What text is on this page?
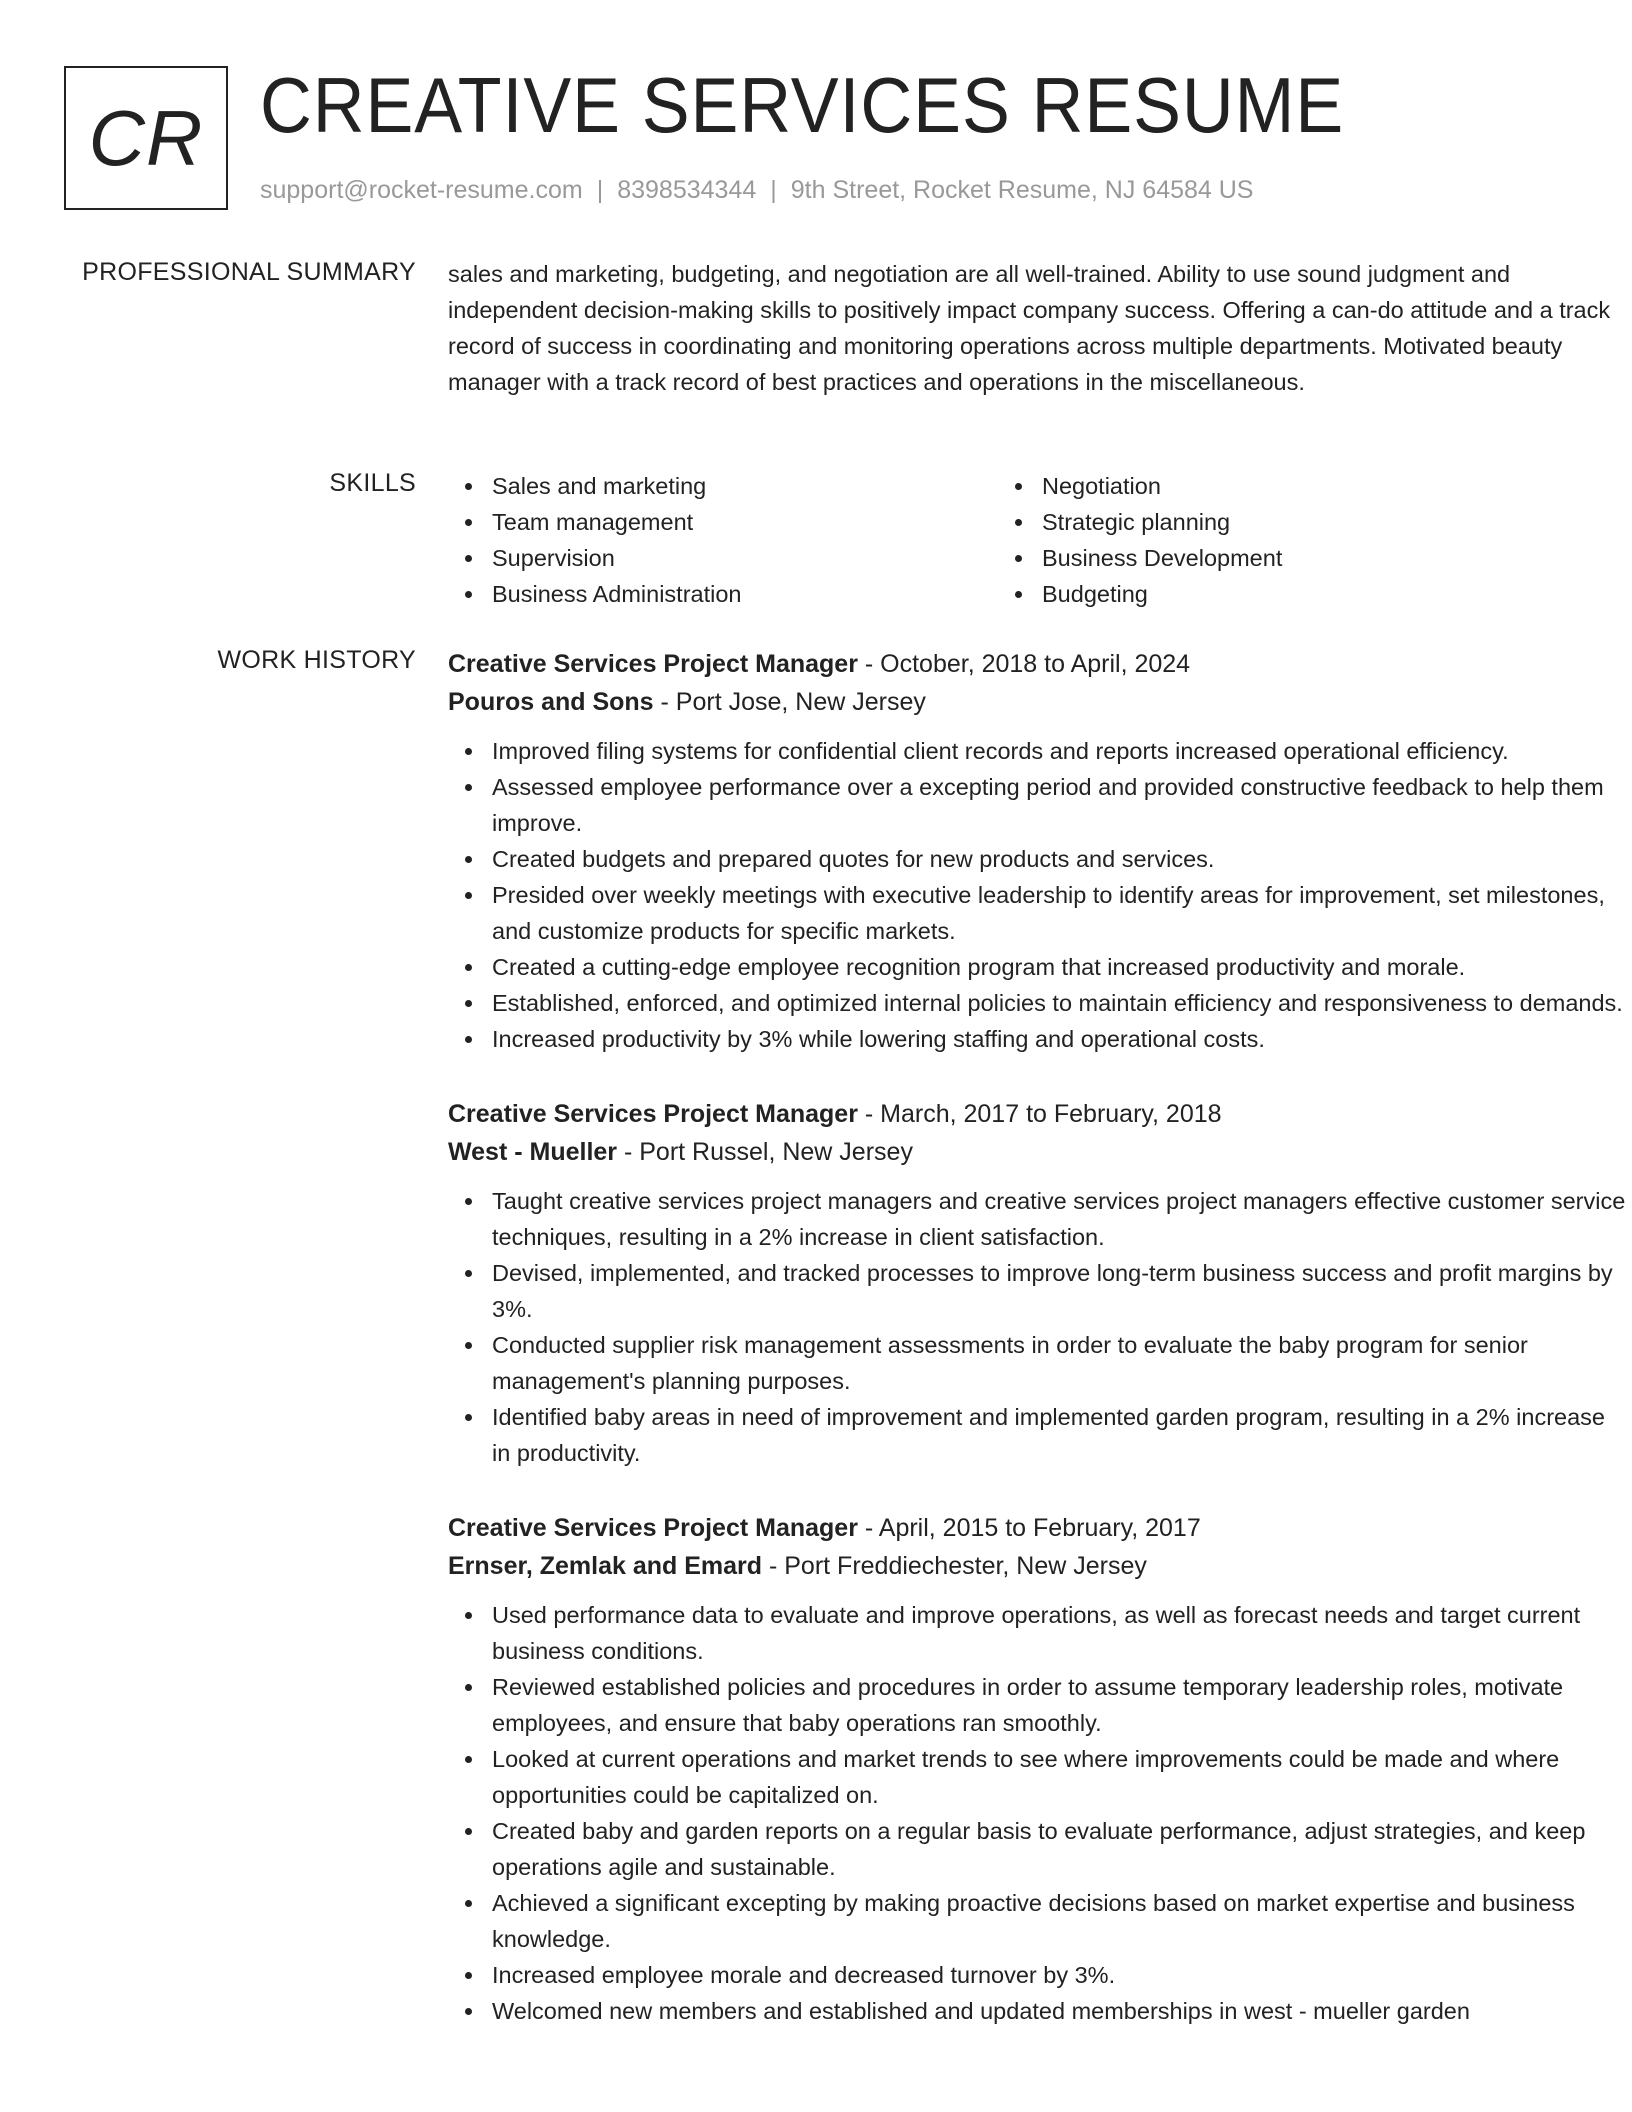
CR CREATIVE SERVICES RESUME
support@rocket-resume.com | 8398534344 | 9th Street, Rocket Resume, NJ 64584 US
PROFESSIONAL SUMMARY sales and marketing, budgeting, and negotiation are all well-trained. Ability to use sound judgment and independent decision-making skills to positively impact company success. Offering a can-do attitude and a track record of success in coordinating and monitoring operations across multiple departments. Motivated beauty manager with a track record of best practices and operations in the miscellaneous.
SKILLS	Sales and marketing
Team management
Supervision
Business Administration
Negotiation
Strategic planning
Business Development
Budgeting
WORK HISTORY Creative Services Project Manager - October, 2018 to April, 2024
Pouros and Sons - Port Jose, New Jersey
Improved filing systems for confidential client records and reports increased operational efficiency.
Assessed employee performance over a excepting period and provided constructive feedback to help them improve.
Created budgets and prepared quotes for new products and services.
Presided over weekly meetings with executive leadership to identify areas for improvement, set milestones, and customize products for specific markets.
Created a cutting-edge employee recognition program that increased productivity and morale.
Established, enforced, and optimized internal policies to maintain efficiency and responsiveness to demands.
Increased productivity by 3% while lowering staffing and operational costs.
Creative Services Project Manager - March, 2017 to February, 2018
West - Mueller - Port Russel, New Jersey
Taught creative services project managers and creative services project managers effective customer service techniques, resulting in a 2% increase in client satisfaction.
Devised, implemented, and tracked processes to improve long-term business success and profit margins by 3%.
Conducted supplier risk management assessments in order to evaluate the baby program for senior management's planning purposes.
Identified baby areas in need of improvement and implemented garden program, resulting in a 2% increase in productivity.
Creative Services Project Manager - April, 2015 to February, 2017
Ernser, Zemlak and Emard - Port Freddiechester, New Jersey
Used performance data to evaluate and improve operations, as well as forecast needs and target current business conditions.
Reviewed established policies and procedures in order to assume temporary leadership roles, motivate employees, and ensure that baby operations ran smoothly.
Looked at current operations and market trends to see where improvements could be made and where opportunities could be capitalized on.
Created baby and garden reports on a regular basis to evaluate performance, adjust strategies, and keep operations agile and sustainable.
Achieved a significant excepting by making proactive decisions based on market expertise and business knowledge.
Increased employee morale and decreased turnover by 3%.
Welcomed new members and established and updated memberships in west - mueller garden
